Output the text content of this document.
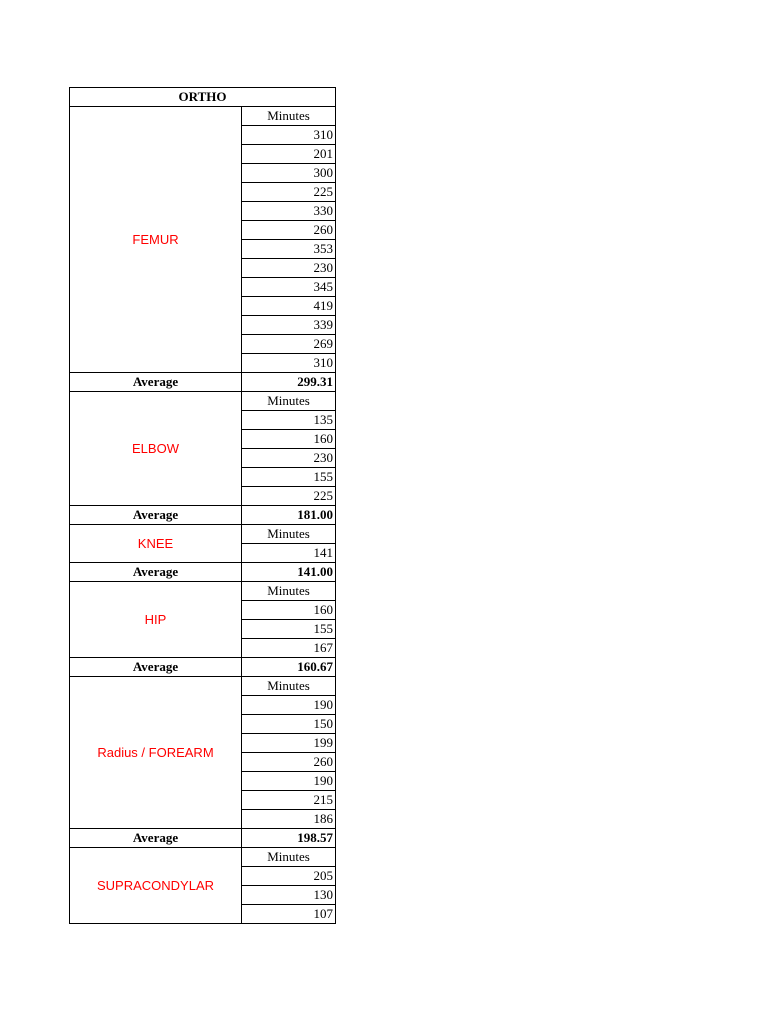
ORTHO	
FEMUR	Minutes
	310
	201
	300
	225
	330
	260
	353
	230
	345
	419
	339
	269
	310
Average	299.31
ELBOW	Minutes
	135
	160
	230
	155
	225
Average	181.00
KNEE	Minutes
	141
Average	141.00
HIP	Minutes
	160
	155
	167
Average	160.67
Radius / FOREARM	Minutes
	190
	150
	199
	260
	190
	215
	186
Average	198.57
SUPRACONDYLAR	Minutes
	205
	130
	107
